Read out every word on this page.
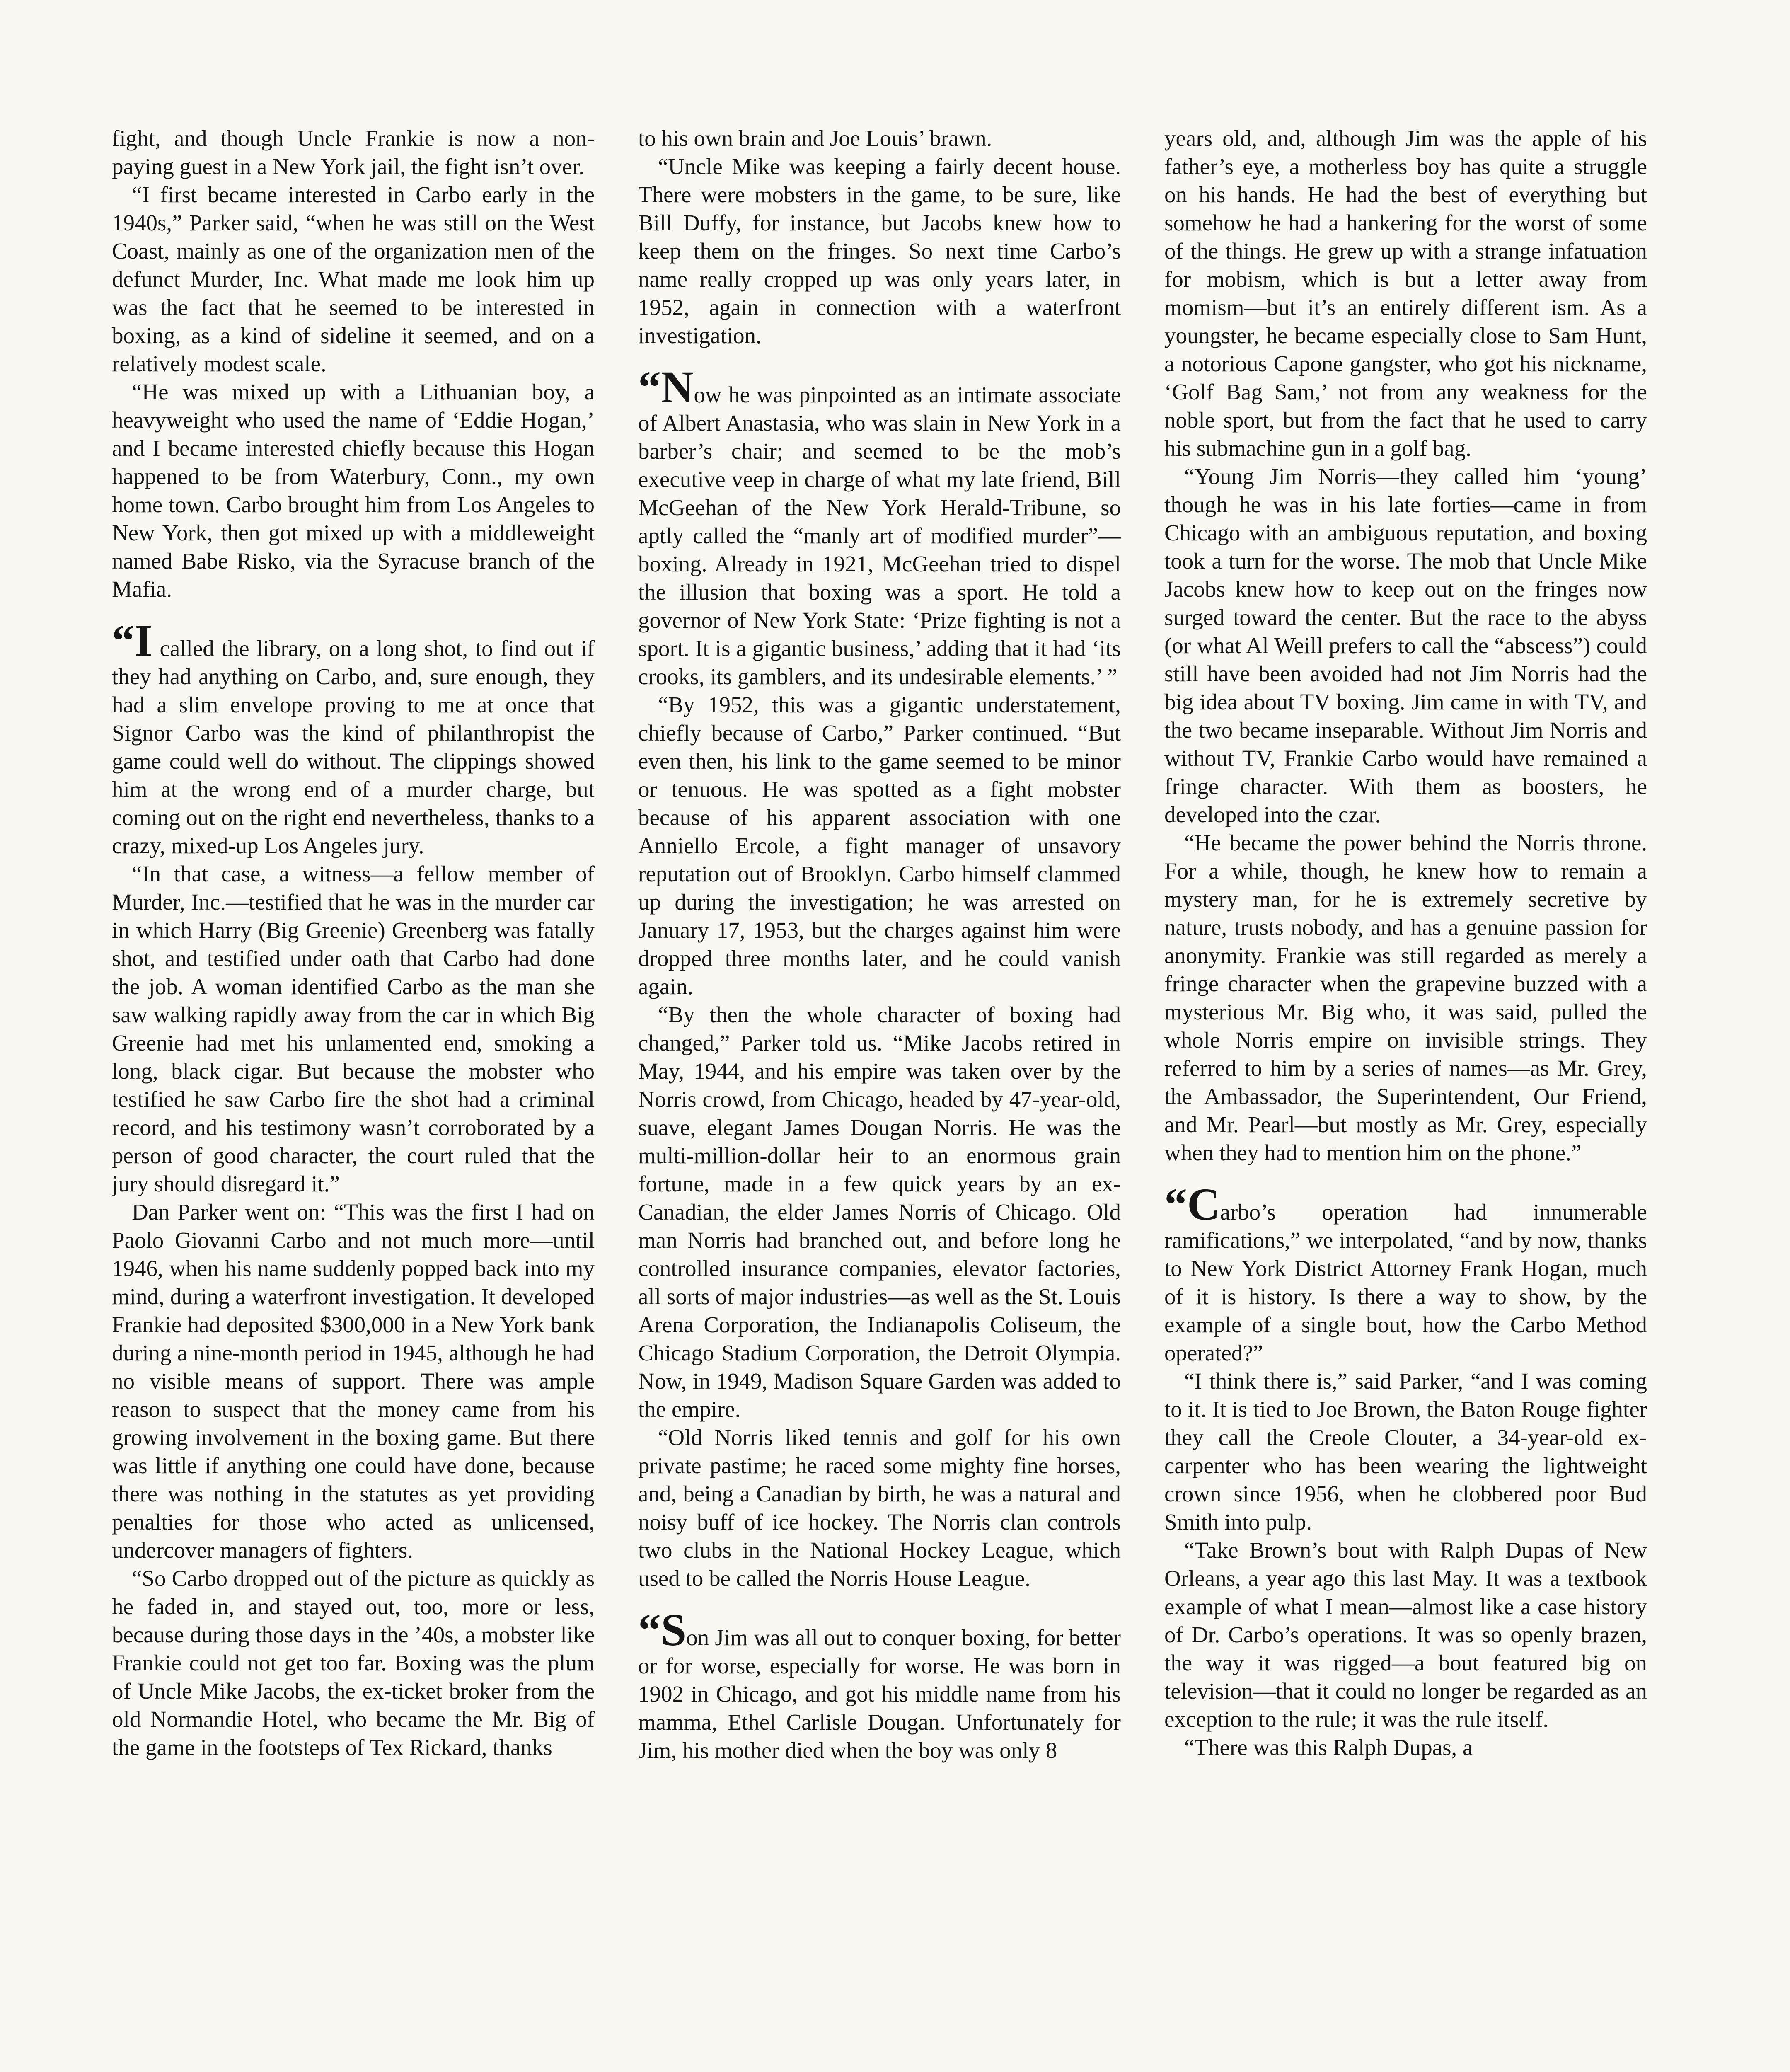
fight, and though Uncle Frankie is now a non-paying guest in a New York jail, the fight isn’t over.

“I first became interested in Carbo early in the 1940s,” Parker said, “when he was still on the West Coast, mainly as one of the organization men of the defunct Murder, Inc. What made me look him up was the fact that he seemed to be interested in boxing, as a kind of sideline it seemed, and on a relatively modest scale.

“He was mixed up with a Lithuanian boy, a heavyweight who used the name of ‘Eddie Hogan,’ and I became interested chiefly because this Hogan happened to be from Waterbury, Conn., my own home town. Carbo brought him from Los Angeles to New York, then got mixed up with a middleweight named Babe Risko, via the Syracuse branch of the Mafia.

“I called the library, on a long shot, to find out if they had anything on Carbo, and, sure enough, they had a slim envelope proving to me at once that Signor Carbo was the kind of philanthropist the game could well do without. The clippings showed him at the wrong end of a murder charge, but coming out on the right end nevertheless, thanks to a crazy, mixed-up Los Angeles jury.

“In that case, a witness—a fellow member of Murder, Inc.—testified that he was in the murder car in which Harry (Big Greenie) Greenberg was fatally shot, and testified under oath that Carbo had done the job. A woman identified Carbo as the man she saw walking rapidly away from the car in which Big Greenie had met his unlamented end, smoking a long, black cigar. But because the mobster who testified he saw Carbo fire the shot had a criminal record, and his testimony wasn’t corroborated by a person of good character, the court ruled that the jury should disregard it.”

Dan Parker went on: “This was the first I had on Paolo Giovanni Carbo and not much more—until 1946, when his name suddenly popped back into my mind, during a waterfront investigation. It developed Frankie had deposited $300,000 in a New York bank during a nine-month period in 1945, although he had no visible means of support. There was ample reason to suspect that the money came from his growing involvement in the boxing game. But there was little if anything one could have done, because there was nothing in the statutes as yet providing penalties for those who acted as unlicensed, undercover managers of fighters.

“So Carbo dropped out of the picture as quickly as he faded in, and stayed out, too, more or less, because during those days in the ’40s, a mobster like Frankie could not get too far. Boxing was the plum of Uncle Mike Jacobs, the ex-ticket broker from the old Normandie Hotel, who became the Mr. Big of the game in the footsteps of Tex Rickard, thanks

to his own brain and Joe Louis’ brawn.

“Uncle Mike was keeping a fairly decent house. There were mobsters in the game, to be sure, like Bill Duffy, for instance, but Jacobs knew how to keep them on the fringes. So next time Carbo’s name really cropped up was only years later, in 1952, again in connection with a waterfront investigation.

“Now he was pinpointed as an intimate associate of Albert Anastasia, who was slain in New York in a barber’s chair; and seemed to be the mob’s executive veep in charge of what my late friend, Bill McGeehan of the New York Herald-Tribune, so aptly called the “manly art of modified murder”—boxing. Already in 1921, McGeehan tried to dispel the illusion that boxing was a sport. He told a governor of New York State: ‘Prize fighting is not a sport. It is a gigantic business,’ adding that it had ‘its crooks, its gamblers, and its undesirable elements.’ ”

“By 1952, this was a gigantic understatement, chiefly because of Carbo,” Parker continued. “But even then, his link to the game seemed to be minor or tenuous. He was spotted as a fight mobster because of his apparent association with one Anniello Ercole, a fight manager of unsavory reputation out of Brooklyn. Carbo himself clammed up during the investigation; he was arrested on January 17, 1953, but the charges against him were dropped three months later, and he could vanish again.

“By then the whole character of boxing had changed,” Parker told us. “Mike Jacobs retired in May, 1944, and his empire was taken over by the Norris crowd, from Chicago, headed by 47-year-old, suave, elegant James Dougan Norris. He was the multi-million-dollar heir to an enormous grain fortune, made in a few quick years by an ex-Canadian, the elder James Norris of Chicago. Old man Norris had branched out, and before long he controlled insurance companies, elevator factories, all sorts of major industries—as well as the St. Louis Arena Corporation, the Indianapolis Coliseum, the Chicago Stadium Corporation, the Detroit Olympia. Now, in 1949, Madison Square Garden was added to the empire.

“Old Norris liked tennis and golf for his own private pastime; he raced some mighty fine horses, and, being a Canadian by birth, he was a natural and noisy buff of ice hockey. The Norris clan controls two clubs in the National Hockey League, which used to be called the Norris House League.

“Son Jim was all out to conquer boxing, for better or for worse, especially for worse. He was born in 1902 in Chicago, and got his middle name from his mamma, Ethel Carlisle Dougan. Unfortunately for Jim, his mother died when the boy was only 8

years old, and, although Jim was the apple of his father’s eye, a motherless boy has quite a struggle on his hands. He had the best of everything but somehow he had a hankering for the worst of some of the things. He grew up with a strange infatuation for mobism, which is but a letter away from momism—but it’s an entirely different ism. As a youngster, he became especially close to Sam Hunt, a notorious Capone gangster, who got his nickname, ‘Golf Bag Sam,’ not from any weakness for the noble sport, but from the fact that he used to carry his submachine gun in a golf bag.

“Young Jim Norris—they called him ‘young’ though he was in his late forties—came in from Chicago with an ambiguous reputation, and boxing took a turn for the worse. The mob that Uncle Mike Jacobs knew how to keep out on the fringes now surged toward the center. But the race to the abyss (or what Al Weill prefers to call the “abscess”) could still have been avoided had not Jim Norris had the big idea about TV boxing. Jim came in with TV, and the two became inseparable. Without Jim Norris and without TV, Frankie Carbo would have remained a fringe character. With them as boosters, he developed into the czar.

“He became the power behind the Norris throne. For a while, though, he knew how to remain a mystery man, for he is extremely secretive by nature, trusts nobody, and has a genuine passion for anonymity. Frankie was still regarded as merely a fringe character when the grapevine buzzed with a mysterious Mr. Big who, it was said, pulled the whole Norris empire on invisible strings. They referred to him by a series of names—as Mr. Grey, the Ambassador, the Superintendent, Our Friend, and Mr. Pearl—but mostly as Mr. Grey, especially when they had to mention him on the phone.”

“Carbo’s operation had innumerable ramifications,” we interpolated, “and by now, thanks to New York District Attorney Frank Hogan, much of it is history. Is there a way to show, by the example of a single bout, how the Carbo Method operated?”

“I think there is,” said Parker, “and I was coming to it. It is tied to Joe Brown, the Baton Rouge fighter they call the Creole Clouter, a 34-year-old ex-carpenter who has been wearing the lightweight crown since 1956, when he clobbered poor Bud Smith into pulp.

“Take Brown’s bout with Ralph Dupas of New Orleans, a year ago this last May. It was a textbook example of what I mean—almost like a case history of Dr. Carbo’s operations. It was so openly brazen, the way it was rigged—a bout featured big on television—that it could no longer be regarded as an exception to the rule; it was the rule itself.

“There was this Ralph Dupas, a
